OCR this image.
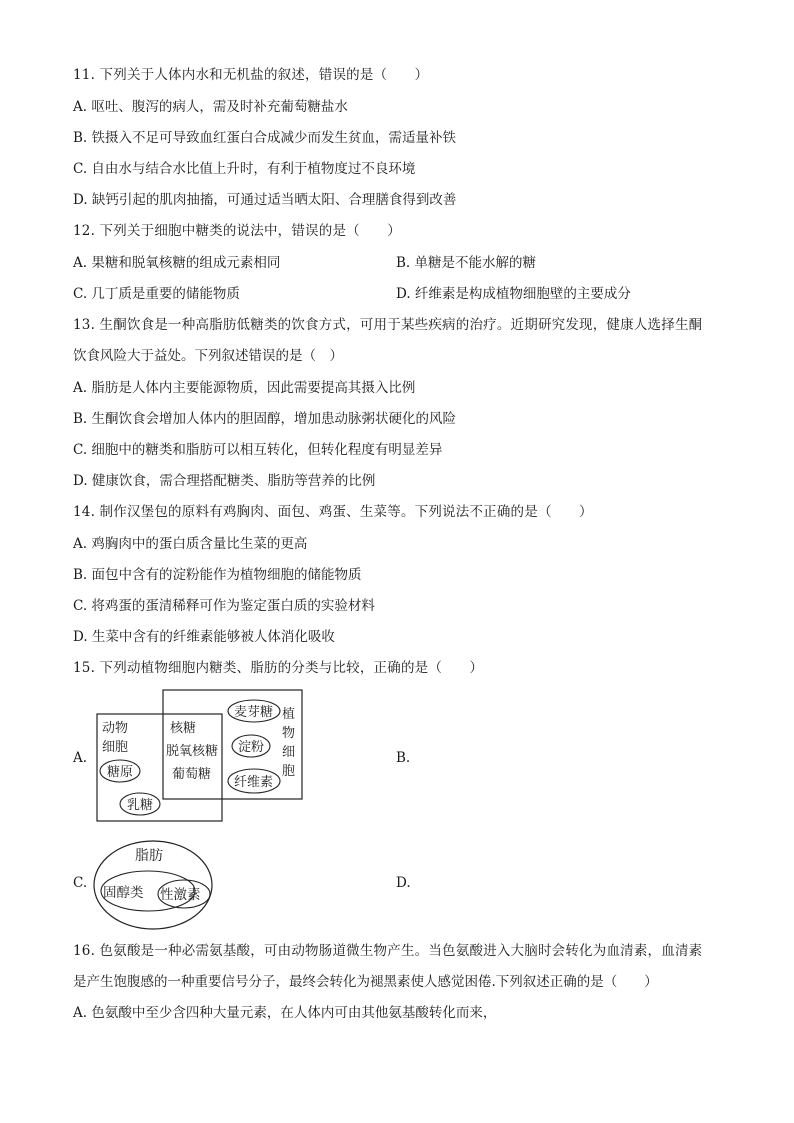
11. 下列关于人体内水和无机盐的叙述，错误的是（　　）
A. 呕吐、腹泻的病人，需及时补充葡萄糖盐水
B. 铁摄入不足可导致血红蛋白合成减少而发生贫血，需适量补铁
C. 自由水与结合水比值上升时，有利于植物度过不良环境
D. 缺钙引起的肌肉抽搐，可通过适当晒太阳、合理膳食得到改善
12. 下列关于细胞中糖类的说法中，错误的是（　　）
A. 果糖和脱氧核糖的组成元素相同	B. 单糖是不能水解的糖
C. 几丁质是重要的储能物质	D. 纤维素是构成植物细胞壁的主要成分
13. 生酮饮食是一种高脂肪低糖类的饮食方式，可用于某些疾病的治疗。近期研究发现，健康人选择生酮
饮食风险大于益处。下列叙述错误的是（　）
A. 脂肪是人体内主要能源物质，因此需要提高其摄入比例
B. 生酮饮食会增加人体内的胆固醇，增加患动脉粥状硬化的风险
C. 细胞中的糖类和脂肪可以相互转化，但转化程度有明显差异
D. 健康饮食，需合理搭配糖类、脂肪等营养的比例
14. 制作汉堡包的原料有鸡胸肉、面包、鸡蛋、生菜等。下列说法不正确的是（　　）
A. 鸡胸肉中的蛋白质含量比生菜的更高
B. 面包中含有的淀粉能作为植物细胞的储能物质
C. 将鸡蛋的蛋清稀释可作为鉴定蛋白质的实验材料
D. 生菜中含有的纤维素能够被人体消化吸收
15. 下列动植物细胞内糖类、脂肪的分类与比较，正确的是（　　）
A.
动物
细胞
糖原
乳糖
核糖
脱氧核糖
葡萄糖
麦芽糖
淀粉
纤维素
植
物
细
胞
B.
C.
脂肪
固醇类 性激素
D.
16. 色氨酸是一种必需氨基酸，可由动物肠道微生物产生。当色氨酸进入大脑时会转化为血清素，血清素
是产生饱腹感的一种重要信号分子，最终会转化为褪黑素使人感觉困倦.下列叙述正确的是（　　）
A. 色氨酸中至少含四种大量元素，在人体内可由其他氨基酸转化而来，
